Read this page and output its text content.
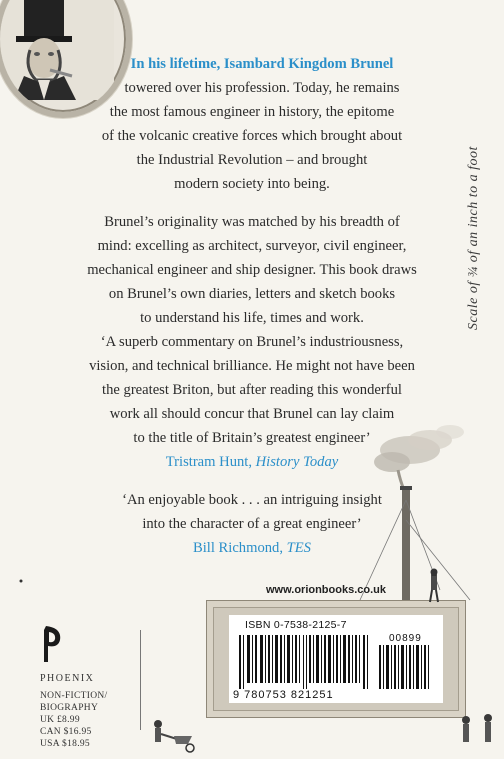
In his lifetime, Isambard Kingdom Brunel

towered over his profession. Today, he remains

the most famous engineer in history, the epitome

of the volcanic creative forces which brought about

the Industrial Revolution – and brought

modern society into being.

Brunel’s originality was matched by his breadth of

mind: excelling as architect, surveyor, civil engineer,

mechanical engineer and ship designer. This book draws

on Brunel’s own diaries, letters and sketch books

to understand his life, times and work.

‘A superb commentary on Brunel’s industriousness,

vision, and technical brilliance. He might not have been

the greatest Briton, but after reading this wonderful

work all should concur that Brunel can lay claim

to the title of Britain’s greatest engineer’

Tristram Hunt, History Today

‘An enjoyable book . . . an intriguing insight

into the character of a great engineer’

Bill Richmond, TES

Scale of ¾ of an inch to a foot
www.orionbooks.co.uk
ISBN 0-7538-2125-7
00899
9 780753 821251
PHOENIX
NON-FICTION/
BIOGRAPHY
UK £8.99
CAN $16.95
USA $18.95
